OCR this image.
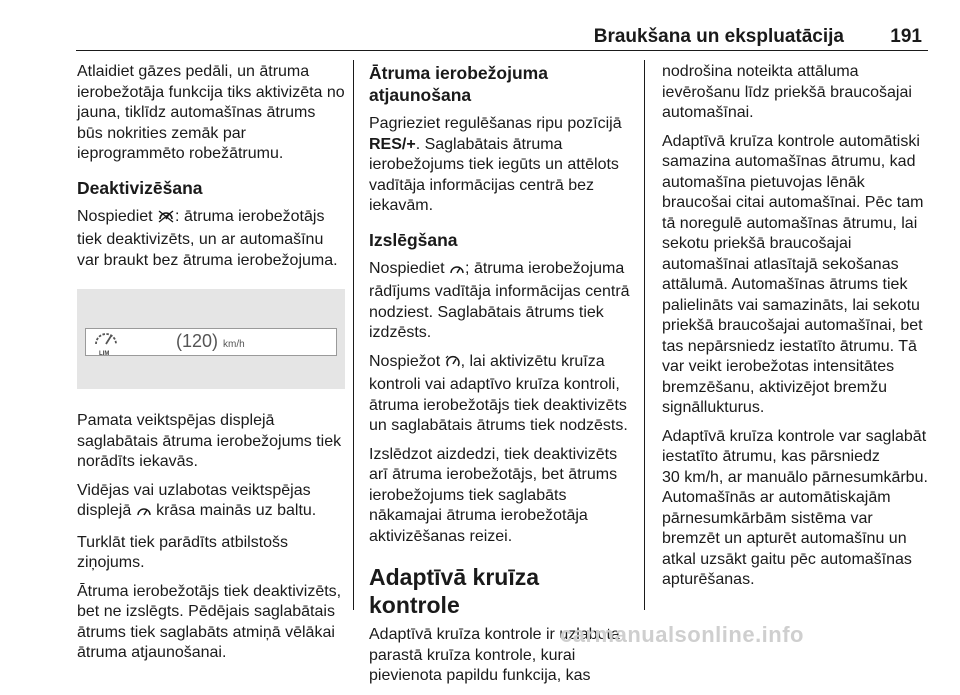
Braukšana un ekspluatācija 191

Atlaidiet gāzes pedāli, un ātruma ierobežotāja funkcija tiks aktivizēta no jauna, tiklīdz automašīnas ātrums būs nokrities zemāk par ieprogrammēto robežātrumu.

Deaktivizēšana

Nospiediet : ātruma ierobežotājs tiek deaktivizēts, un ar automašīnu var braukt bez ātruma ierobežojuma.

LIM
(120) km/h

Pamata veiktspējas displejā saglabātais ātruma ierobežojums tiek norādīts iekavās.

Vidējas vai uzlabotas veiktspējas displejā  krāsa mainās uz baltu.

Turklāt tiek parādīts atbilstošs ziņojums.

Ātruma ierobežotājs tiek deaktivizēts, bet ne izslēgts. Pēdējais saglabātais ātrums tiek saglabāts atmiņā vēlākai ātruma atjaunošanai.

Ātruma ierobežojuma atjaunošana

Pagrieziet regulēšanas ripu pozīcijā RES/+. Saglabātais ātruma ierobežojums tiek iegūts un attēlots vadītāja informācijas centrā bez iekavām.

Izslēgšana

Nospiediet ; ātruma ierobežojuma rādījums vadītāja informācijas centrā nodziest. Saglabātais ātrums tiek izdzēsts.

Nospiežot , lai aktivizētu kruīza kontroli vai adaptīvo kruīza kontroli, ātruma ierobežotājs tiek deaktivizēts un saglabātais ātrums tiek nodzēsts.

Izslēdzot aizdedzi, tiek deaktivizēts arī ātruma ierobežotājs, bet ātrums ierobežojums tiek saglabāts nākamajai ātruma ierobežotāja aktivizēšanas reizei.

Adaptīvā kruīza kontrole

Adaptīvā kruīza kontrole ir uzlabota parastā kruīza kontrole, kurai pievienota papildu funkcija, kas

nodrošina noteikta attāluma ievērošanu līdz priekšā braucošajai automašīnai.

Adaptīvā kruīza kontrole automātiski samazina automašīnas ātrumu, kad automašīna pietuvojas lēnāk braucošai citai automašīnai. Pēc tam tā noregulē automašīnas ātrumu, lai sekotu priekšā braucošajai automašīnai atlasītajā sekošanas attālumā. Automašīnas ātrums tiek palielināts vai samazināts, lai sekotu priekšā braucošajai automašīnai, bet tas nepārsniedz iestatīto ātrumu. Tā var veikt ierobežotas intensitātes bremzēšanu, aktivizējot bremžu signāllukturus.

Adaptīvā kruīza kontrole var saglabāt iestatīto ātrumu, kas pārsniedz
30 km/h, ar manuālo pārnesumkārbu. Automašīnās ar automātiskajām pārnesumkārbām sistēma var bremzēt un apturēt automašīnu un atkal uzsākt gaitu pēc automašīnas apturēšanas.

carmanualsonline.info
